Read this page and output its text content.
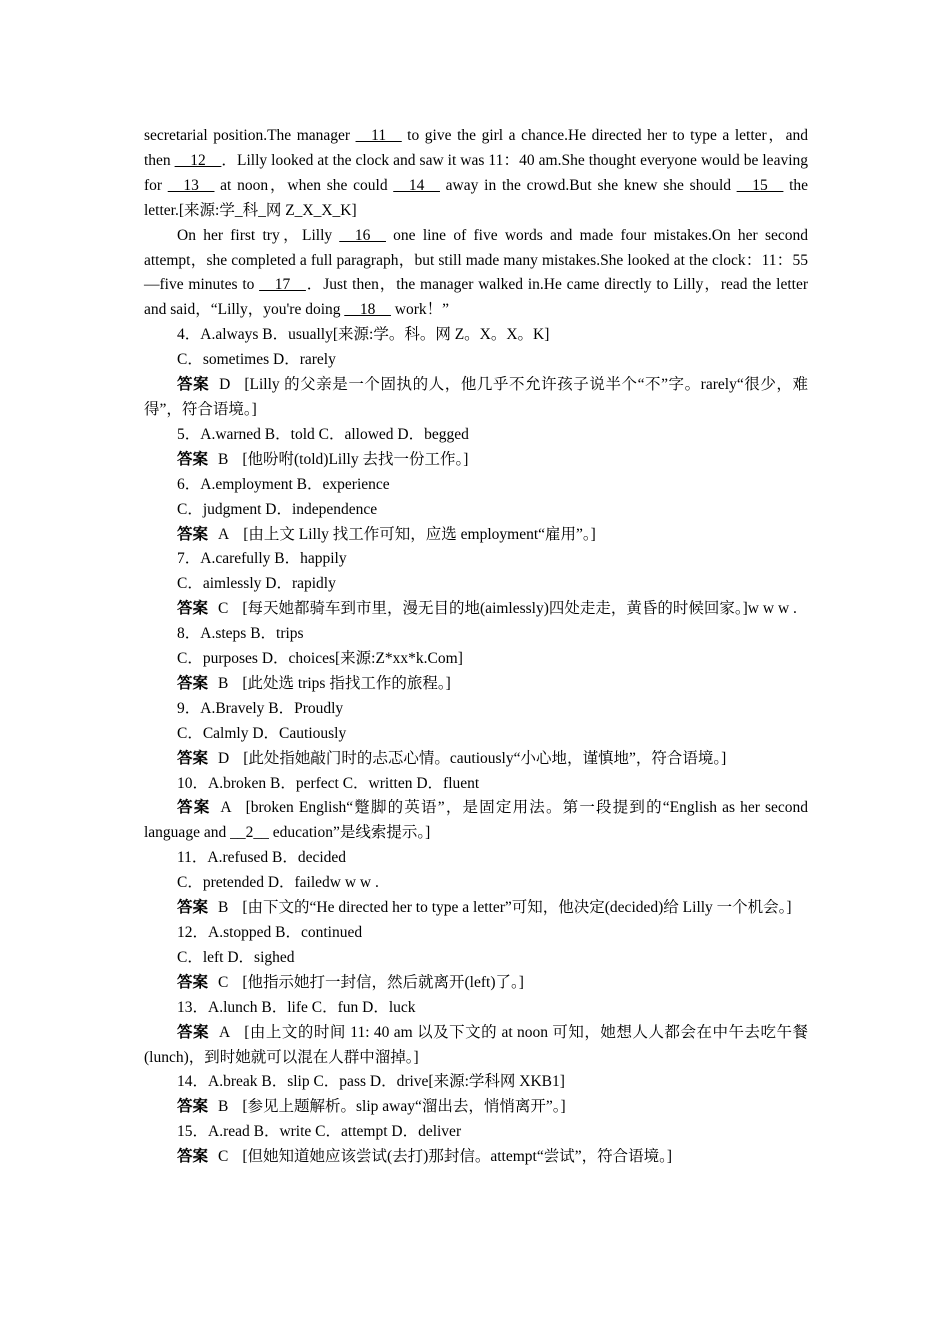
secretarial position.The manager __11__ to give the girl a chance.He directed her to type a letter，and then __12__．Lilly looked at the clock and saw it was 11：40 am.She thought everyone would be leaving for __13__ at noon，when she could __14__ away in the crowd.But she knew she should __15__ the letter.[来源:学_科_网 Z_X_X_K]

On her first try，Lilly __16__ one line of five words and made four mistakes.On her second attempt，she completed a full paragraph，but still made many mistakes.She looked at the clock：11：55—five minutes to __17__．Just then，the manager walked in.He came directly to Lilly，read the letter and said，“Lilly，you're doing __18__ work！”

4．A.always B．usually[来源:学。科。网 Z。X。X。K]

C．sometimes D．rarely

答案 D [Lilly 的父亲是一个固执的人，他几乎不允许孩子说半个“不”字。rarely“很少，难得”，符合语境。]

5．A.warned B．told C．allowed D．begged

答案 B [他吩咐(told)Lilly 去找一份工作。]

6．A.employment B．experience

C．judgment D．independence

答案 A [由上文 Lilly 找工作可知，应选 employment“雇用”。]

7．A.carefully B．happily

C．aimlessly D．rapidly

答案 C [每天她都骑车到市里，漫无目的地(aimlessly)四处走走，黄昏的时候回家。]w w w .

8．A.steps B．trips

C．purposes D．choices[来源:Z*xx*k.Com]

答案 B [此处选 trips 指找工作的旅程。]

9．A.Bravely B．Proudly

C．Calmly D．Cautiously

答案 D [此处指她敲门时的忐忑心情。cautiously“小心地，谨慎地”，符合语境。]

10．A.broken B．perfect C．written D．fluent

答案 A [broken English“蹩脚的英语”，是固定用法。第一段提到的“English as her second language and __2__ education”是线索提示。]

11．A.refused B．decided

C．pretended D．failedw w w .

答案 B [由下文的“He directed her to type a letter”可知，他决定(decided)给 Lilly 一个机会。]

12．A.stopped B．continued

C．left D．sighed

答案 C [他指示她打一封信，然后就离开(left)了。]

13．A.lunch B．life C．fun D．luck

答案 A [由上文的时间 11: 40 am 以及下文的 at noon 可知，她想人人都会在中午去吃午餐(lunch)，到时她就可以混在人群中溜掉。]

14．A.break B．slip C．pass D．drive[来源:学科网 XKB1]

答案 B [参见上题解析。slip away“溜出去，悄悄离开”。]

15．A.read B．write C．attempt D．deliver

答案 C [但她知道她应该尝试(去打)那封信。attempt“尝试”，符合语境。]
